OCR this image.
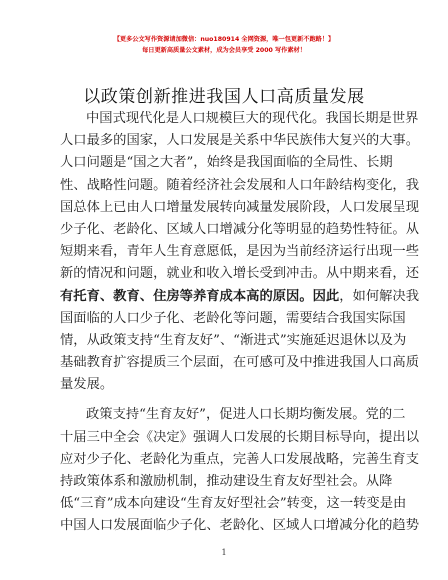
【更多公文写作资源请加微信：nuo180914 全网资源，唯一包更新不跑路！】
每日更新高质量公文素材，成为会员享受 2000 写作素材！
以政策创新推进我国人口高质量发展
中国式现代化是人口规模巨大的现代化。我国长期是世界
人口最多的国家，人口发展是关系中华民族伟大复兴的大事。
人口问题是“国之大者”，始终是我国面临的全局性、长期
性、战略性问题。随着经济社会发展和人口年龄结构变化，我
国总体上已由人口增量发展转向减量发展阶段，人口发展呈现
少子化、老龄化、区域人口增减分化等明显的趋势性特征。从
短期来看，青年人生育意愿低，是因为当前经济运行出现一些
新的情况和问题，就业和收入增长受到冲击。从中期来看，还
有托育、教育、住房等养育成本高的原因。因此，如何解决我
国面临的人口少子化、老龄化等问题，需要结合我国实际国
情，从政策支持“生育友好”、“渐进式”实施延迟退休以及为
基础教育扩容提质三个层面，在可感可及中推进我国人口高质
量发展。
政策支持“生育友好”，促进人口长期均衡发展。党的二
十届三中全会《决定》强调人口发展的长期目标导向，提出以
应对少子化、老龄化为重点，完善人口发展战略，完善生育支
持政策体系和激励机制，推动建设生育友好型社会。从降
低“三育”成本向建设“生育友好型社会”转变，这一转变是由
中国人口发展面临少子化、老龄化、区域人口增减分化的趋势
1
